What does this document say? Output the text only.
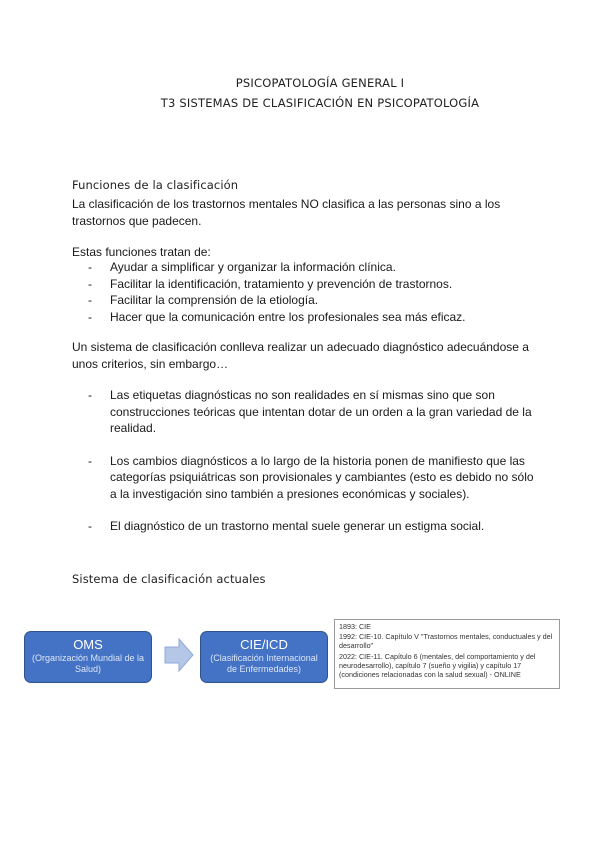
PSICOPATOLOGÍA GENERAL I
T3 SISTEMAS DE CLASIFICACIÓN EN PSICOPATOLOGÍA
Funciones de la clasificación
La clasificación de los trastornos mentales NO clasifica a las personas sino a los trastornos que padecen.
Estas funciones tratan de:
- Ayudar a simplificar y organizar la información clínica.
- Facilitar la identificación, tratamiento y prevención de trastornos.
- Facilitar la comprensión de la etiología.
- Hacer que la comunicación entre los profesionales sea más eficaz.
Un sistema de clasificación conlleva realizar un adecuado diagnóstico adecuándose a unos criterios, sin embargo…
- Las etiquetas diagnósticas no son realidades en sí mismas sino que son construcciones teóricas que intentan dotar de un orden a la gran variedad de la realidad.
- Los cambios diagnósticos a lo largo de la historia ponen de manifiesto que las categorías psiquiátricas son provisionales y cambiantes (esto es debido no sólo a la investigación sino también a presiones económicas y sociales).
- El diagnóstico de un trastorno mental suele generar un estigma social.
Sistema de clasificación actuales
OMS
(Organización Mundial de la Salud)
CIE/ICD
(Clasificación Internacional de Enfermedades)
1893: CIE
1992: CIE-10. Capítulo V "Trastornos mentales, conductuales y del desarrollo"
2022: CIE-11. Capítulo 6 (mentales, del comportamiento y del neurodesarrollo), capítulo 7 (sueño y vigilia) y capítulo 17 (condiciones relacionadas con la salud sexual) - ONLINE
